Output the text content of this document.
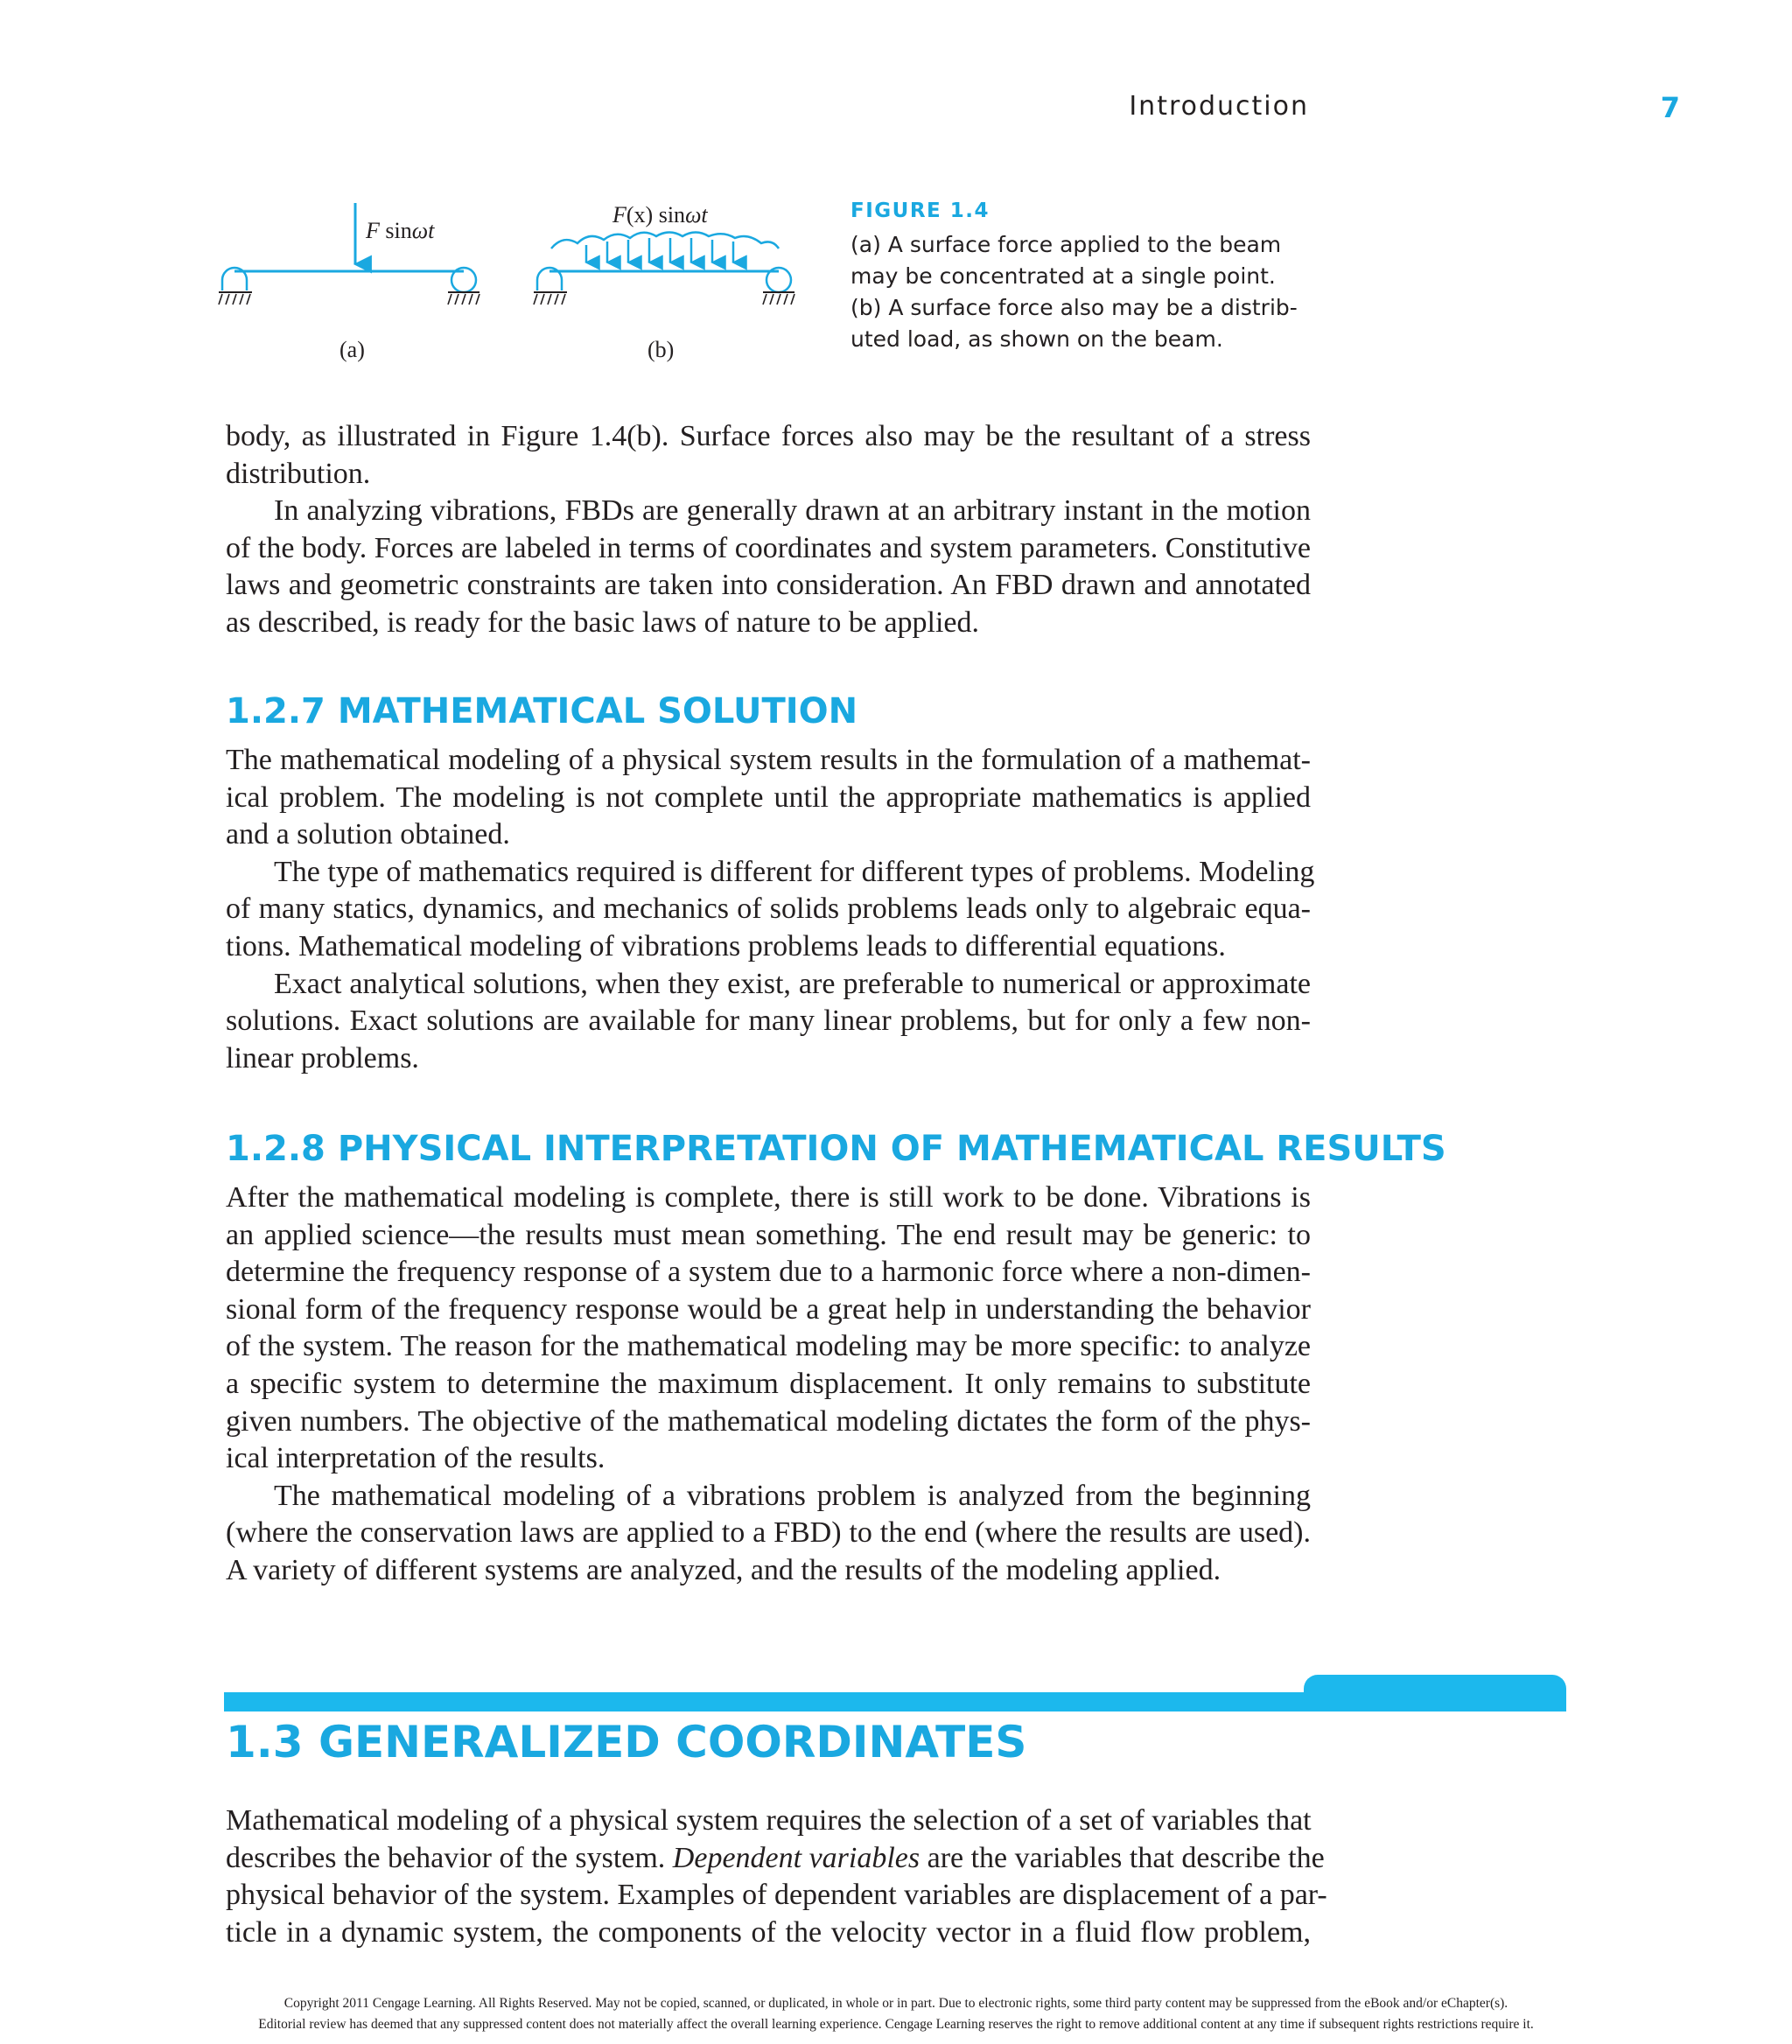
Introduction	7
F sinωt
(a)
F(x) sinωt
(b)
FIGURE 1.4
(a) A surface force applied to the beam
may be concentrated at a single point.
(b) A surface force also may be a distrib-
uted load, as shown on the beam.
body, as illustrated in Figure 1.4(b). Surface forces also may be the resultant of a stress
distribution.
In analyzing vibrations, FBDs are generally drawn at an arbitrary instant in the motion
of the body. Forces are labeled in terms of coordinates and system parameters. Constitutive
laws and geometric constraints are taken into consideration. An FBD drawn and annotated
as described, is ready for the basic laws of nature to be applied.
1.2.7 MATHEMATICAL SOLUTION
The mathematical modeling of a physical system results in the formulation of a mathemat-
ical problem. The modeling is not complete until the appropriate mathematics is applied
and a solution obtained.
The type of mathematics required is different for different types of problems. Modeling
of many statics, dynamics, and mechanics of solids problems leads only to algebraic equa-
tions. Mathematical modeling of vibrations problems leads to differential equations.
Exact analytical solutions, when they exist, are preferable to numerical or approximate
solutions. Exact solutions are available for many linear problems, but for only a few non-
linear problems.
1.2.8 PHYSICAL INTERPRETATION OF MATHEMATICAL RESULTS
After the mathematical modeling is complete, there is still work to be done. Vibrations is
an applied science—the results must mean something. The end result may be generic: to
determine the frequency response of a system due to a harmonic force where a non-dimen-
sional form of the frequency response would be a great help in understanding the behavior
of the system. The reason for the mathematical modeling may be more specific: to analyze
a specific system to determine the maximum displacement. It only remains to substitute
given numbers. The objective of the mathematical modeling dictates the form of the phys-
ical interpretation of the results.
The mathematical modeling of a vibrations problem is analyzed from the beginning
(where the conservation laws are applied to a FBD) to the end (where the results are used).
A variety of different systems are analyzed, and the results of the modeling applied.
1.3 GENERALIZED COORDINATES
Mathematical modeling of a physical system requires the selection of a set of variables that
describes the behavior of the system. Dependent variables are the variables that describe the
physical behavior of the system. Examples of dependent variables are displacement of a par-
ticle in a dynamic system, the components of the velocity vector in a fluid flow problem,
Copyright 2011 Cengage Learning. All Rights Reserved. May not be copied, scanned, or duplicated, in whole or in part. Due to electronic rights, some third party content may be suppressed from the eBook and/or eChapter(s).
Editorial review has deemed that any suppressed content does not materially affect the overall learning experience. Cengage Learning reserves the right to remove additional content at any time if subsequent rights restrictions require it.
